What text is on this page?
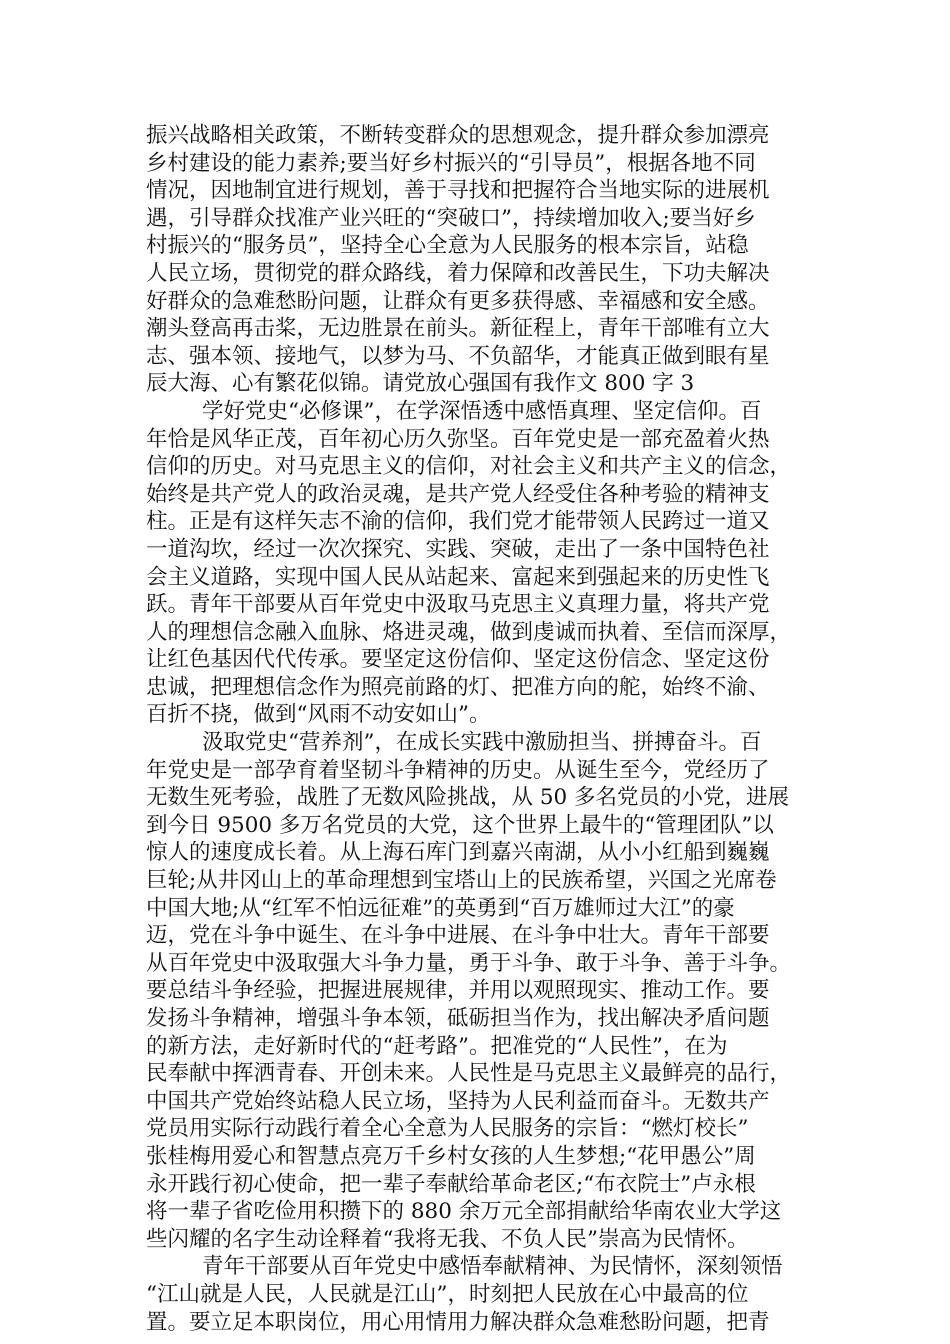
振兴战略相关政策，不断转变群众的思想观念，提升群众参加漂亮
乡村建设的能力素养;要当好乡村振兴的“引导员”，根据各地不同
情况，因地制宜进行规划，善于寻找和把握符合当地实际的进展机
遇，引导群众找准产业兴旺的“突破口”，持续增加收入;要当好乡
村振兴的“服务员”，坚持全心全意为人民服务的根本宗旨，站稳
人民立场，贯彻党的群众路线，着力保障和改善民生，下功夫解决
好群众的急难愁盼问题，让群众有更多获得感、幸福感和安全感。
潮头登高再击桨，无边胜景在前头。新征程上，青年干部唯有立大
志、强本领、接地气，以梦为马、不负韶华，才能真正做到眼有星
辰大海、心有繁花似锦。请党放心强国有我作文 800 字 3
学好党史“必修课”，在学深悟透中感悟真理、坚定信仰。百
年恰是风华正茂，百年初心历久弥坚。百年党史是一部充盈着火热
信仰的历史。对马克思主义的信仰，对社会主义和共产主义的信念，
始终是共产党人的政治灵魂，是共产党人经受住各种考验的精神支
柱。正是有这样矢志不渝的信仰，我们党才能带领人民跨过一道又
一道沟坎，经过一次次探究、实践、突破，走出了一条中国特色社
会主义道路，实现中国人民从站起来、富起来到强起来的历史性飞
跃。青年干部要从百年党史中汲取马克思主义真理力量，将共产党
人的理想信念融入血脉、烙进灵魂，做到虔诚而执着、至信而深厚，
让红色基因代代传承。要坚定这份信仰、坚定这份信念、坚定这份
忠诚，把理想信念作为照亮前路的灯、把准方向的舵，始终不渝、
百折不挠，做到“风雨不动安如山”。
汲取党史“营养剂”，在成长实践中激励担当、拼搏奋斗。百
年党史是一部孕育着坚韧斗争精神的历史。从诞生至今，党经历了
无数生死考验，战胜了无数风险挑战，从 50 多名党员的小党，进展
到今日 9500 多万名党员的大党，这个世界上最牛的“管理团队”以
惊人的速度成长着。从上海石库门到嘉兴南湖，从小小红船到巍巍
巨轮;从井冈山上的革命理想到宝塔山上的民族希望，兴国之光席卷
中国大地;从“红军不怕远征难”的英勇到“百万雄师过大江”的豪
迈，党在斗争中诞生、在斗争中进展、在斗争中壮大。青年干部要
从百年党史中汲取强大斗争力量，勇于斗争、敢于斗争、善于斗争。
要总结斗争经验，把握进展规律，并用以观照现实、推动工作。要
发扬斗争精神，增强斗争本领，砥砺担当作为，找出解决矛盾问题
的新方法，走好新时代的“赶考路”。把准党的“人民性”，在为
民奉献中挥洒青春、开创未来。人民性是马克思主义最鲜亮的品行，
中国共产党始终站稳人民立场，坚持为人民利益而奋斗。无数共产
党员用实际行动践行着全心全意为人民服务的宗旨：“燃灯校长”
张桂梅用爱心和智慧点亮万千乡村女孩的人生梦想;“花甲愚公”周
永开践行初心使命，把一辈子奉献给革命老区;“布衣院士”卢永根
将一辈子省吃俭用积攒下的 880 余万元全部捐献给华南农业大学这
些闪耀的名字生动诠释着“我将无我、不负人民”崇高为民情怀。
青年干部要从百年党史中感悟奉献精神、为民情怀，深刻领悟
“江山就是人民，人民就是江山”，时刻把人民放在心中最高的位
置。要立足本职岗位，用心用情用力解决群众急难愁盼问题，把青
